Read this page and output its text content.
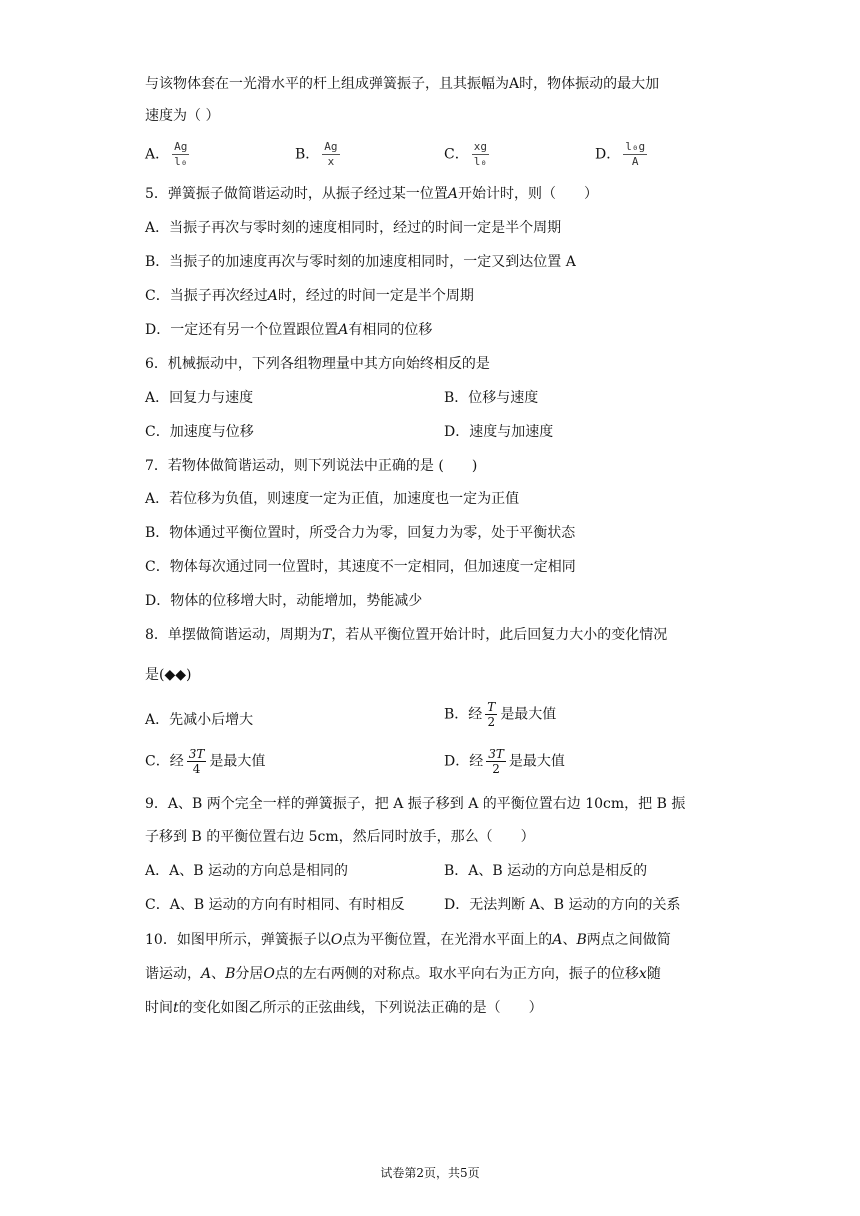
与该物体套在一光滑水平的杆上组成弹簧振子，且其振幅为A时，物体振动的最大加
速度为（ ）
A． $\frac{Ag}{\text{l₀}}$	B． $\frac{Ag}{x}$	C． $\frac{xg}{\text{l₀}}$	D． $\frac{\text{l₀g}}{A}$
5．弹簧振子做简谐运动时，从振子经过某一位置A开始计时，则（　　）
A．当振子再次与零时刻的速度相同时，经过的时间一定是半个周期
B．当振子的加速度再次与零时刻的加速度相同时，一定又到达位置 A
C．当振子再次经过A时，经过的时间一定是半个周期
D．一定还有另一个位置跟位置A有相同的位移
6．机械振动中，下列各组物理量中其方向始终相反的是
A．回复力与速度	B．位移与速度
C．加速度与位移	D．速度与加速度
7．若物体做简谐运动，则下列说法中正确的是 (　　)
A．若位移为负值，则速度一定为正值，加速度也一定为正值
B．物体通过平衡位置时，所受合力为零，回复力为零，处于平衡状态
C．物体每次通过同一位置时，其速度不一定相同，但加速度一定相同
D．物体的位移增大时，动能增加，势能减少
8．单摆做简谐运动，周期为T，若从平衡位置开始计时，此后回复力大小的变化情况
是(◆◆)
A．先减小后增大	B．经 $\frac{T}{2}$ 是最大值
C．经 $\frac{3T}{4}$ 是最大值	D．经 $\frac{3T}{2}$ 是最大值
9．A、B 两个完全一样的弹簧振子，把 A 振子移到 A 的平衡位置右边 10cm，把 B 振
子移到 B 的平衡位置右边 5cm，然后同时放手，那么（　　）
A．A、B 运动的方向总是相同的	B．A、B 运动的方向总是相反的
C．A、B 运动的方向有时相同、有时相反	D．无法判断 A、B 运动的方向的关系
10．如图甲所示，弹簧振子以O点为平衡位置，在光滑水平面上的A、B两点之间做简
谐运动，A、B分居O点的左右两侧的对称点。取水平向右为正方向，振子的位移x随
时间t的变化如图乙所示的正弦曲线，下列说法正确的是（　　）
试卷第2页，共5页
